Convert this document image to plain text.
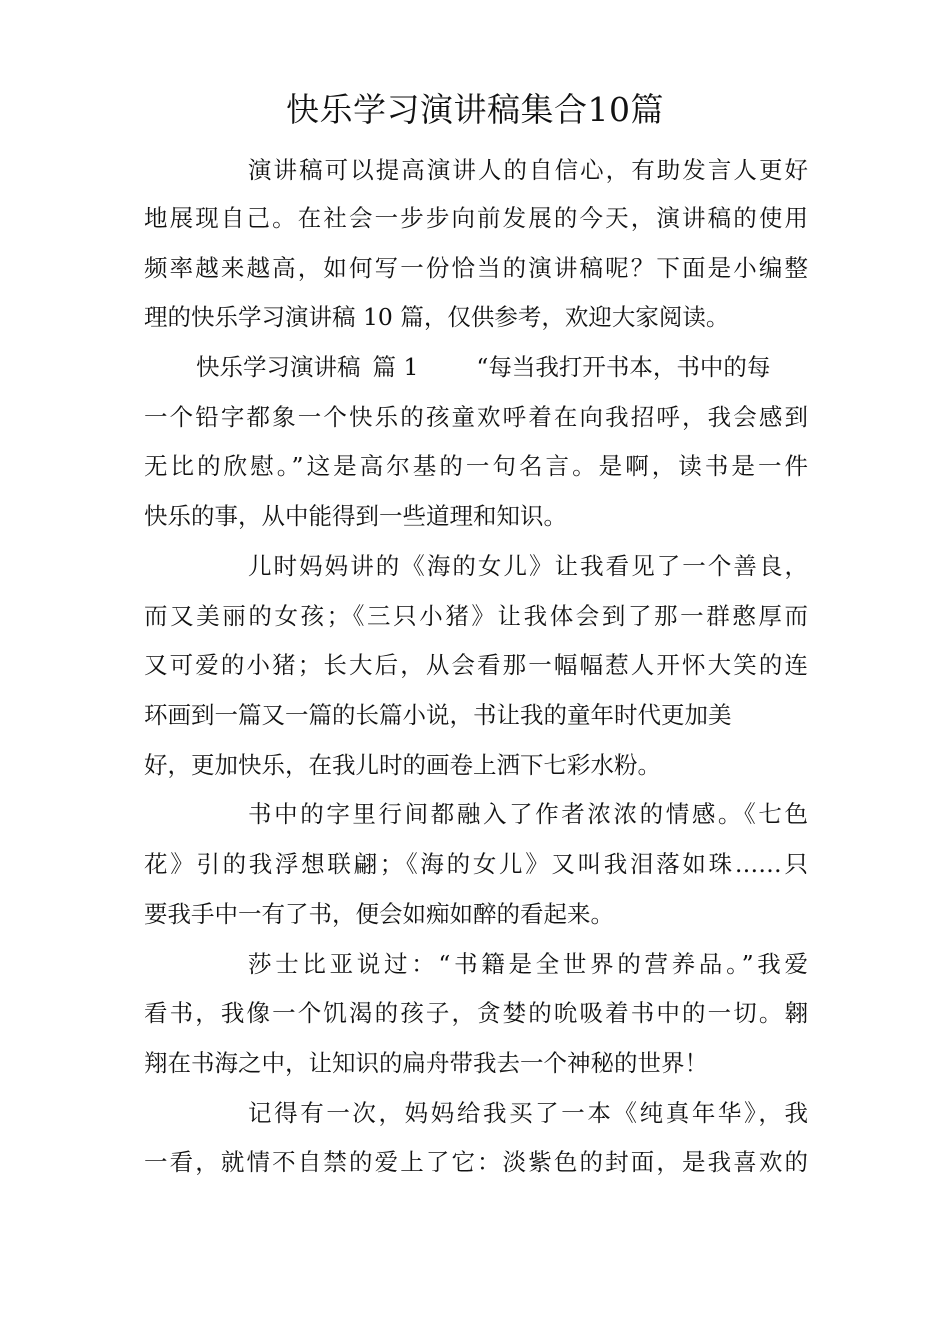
快乐学习演讲稿集合10篇
演讲稿可以提高演讲人的自信心，有助发言人更好
地展现自己。在社会一步步向前发展的今天，演讲稿的使用
频率越来越高，如何写一份恰当的演讲稿呢？下面是小编整
理的快乐学习演讲稿 10 篇，仅供参考，欢迎大家阅读。
快乐学习演讲稿 篇 1 “每当我打开书本，书中的每
一个铅字都象一个快乐的孩童欢呼着在向我招呼，我会感到
无比的欣慰。”这是高尔基的一句名言。是啊，读书是一件
快乐的事，从中能得到一些道理和知识。
儿时妈妈讲的《海的女儿》让我看见了一个善良，
而又美丽的女孩；《三只小猪》让我体会到了那一群憨厚而
又可爱的小猪；长大后，从会看那一幅幅惹人开怀大笑的连
环画到一篇又一篇的长篇小说，书让我的童年时代更加美
好，更加快乐，在我儿时的画卷上洒下七彩水粉。
书中的字里行间都融入了作者浓浓的情感。《七色
花》引的我浮想联翩；《海的女儿》又叫我泪落如珠……只
要我手中一有了书，便会如痴如醉的看起来。
莎士比亚说过：“书籍是全世界的营养品。”我爱
看书，我像一个饥渴的孩子，贪婪的吮吸着书中的一切。翱
翔在书海之中，让知识的扁舟带我去一个神秘的世界！
记得有一次，妈妈给我买了一本《纯真年华》，我
一看，就情不自禁的爱上了它：淡紫色的封面，是我喜欢的
